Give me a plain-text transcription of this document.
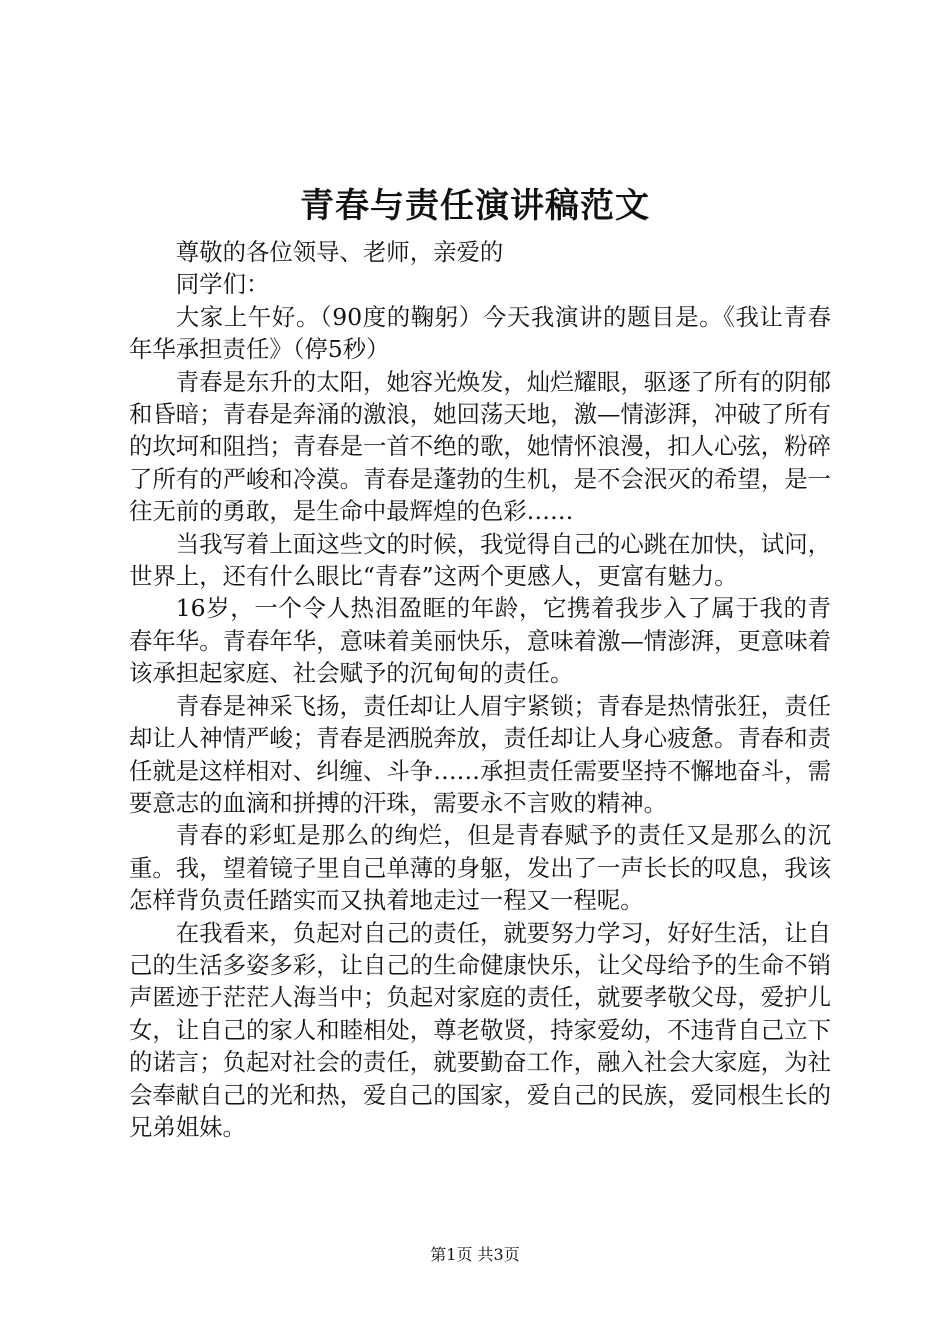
青春与责任演讲稿范文

尊敬的各位领导、老师，亲爱的

同学们：

大家上午好。（90度的鞠躬）今天我演讲的题目是。《我让青春年华承担责任》（停5秒）

青春是东升的太阳，她容光焕发，灿烂耀眼，驱逐了所有的阴郁和昏暗；青春是奔涌的激浪，她回荡天地，激—情澎湃，冲破了所有的坎坷和阻挡；青春是一首不绝的歌，她情怀浪漫，扣人心弦，粉碎了所有的严峻和冷漠。青春是蓬勃的生机，是不会泯灭的希望，是一往无前的勇敢，是生命中最辉煌的色彩……

当我写着上面这些文的时候，我觉得自己的心跳在加快，试问，世界上，还有什么眼比“青春”这两个更感人，更富有魅力。

16岁，一个令人热泪盈眶的年龄，它携着我步入了属于我的青春年华。青春年华，意味着美丽快乐，意味着激—情澎湃，更意味着该承担起家庭、社会赋予的沉甸甸的责任。

青春是神采飞扬，责任却让人眉宇紧锁；青春是热情张狂，责任却让人神情严峻；青春是洒脱奔放，责任却让人身心疲惫。青春和责任就是这样相对、纠缠、斗争……承担责任需要坚持不懈地奋斗，需要意志的血滴和拼搏的汗珠，需要永不言败的精神。

青春的彩虹是那么的绚烂，但是青春赋予的责任又是那么的沉重。我，望着镜子里自己单薄的身躯，发出了一声长长的叹息，我该怎样背负责任踏实而又执着地走过一程又一程呢。

在我看来，负起对自己的责任，就要努力学习，好好生活，让自己的生活多姿多彩，让自己的生命健康快乐，让父母给予的生命不销声匿迹于茫茫人海当中；负起对家庭的责任，就要孝敬父母，爱护儿女，让自己的家人和睦相处，尊老敬贤，持家爱幼，不违背自己立下的诺言；负起对社会的责任，就要勤奋工作，融入社会大家庭，为社会奉献自己的光和热，爱自己的国家，爱自己的民族，爱同根生长的兄弟姐妹。

第1页 共3页
